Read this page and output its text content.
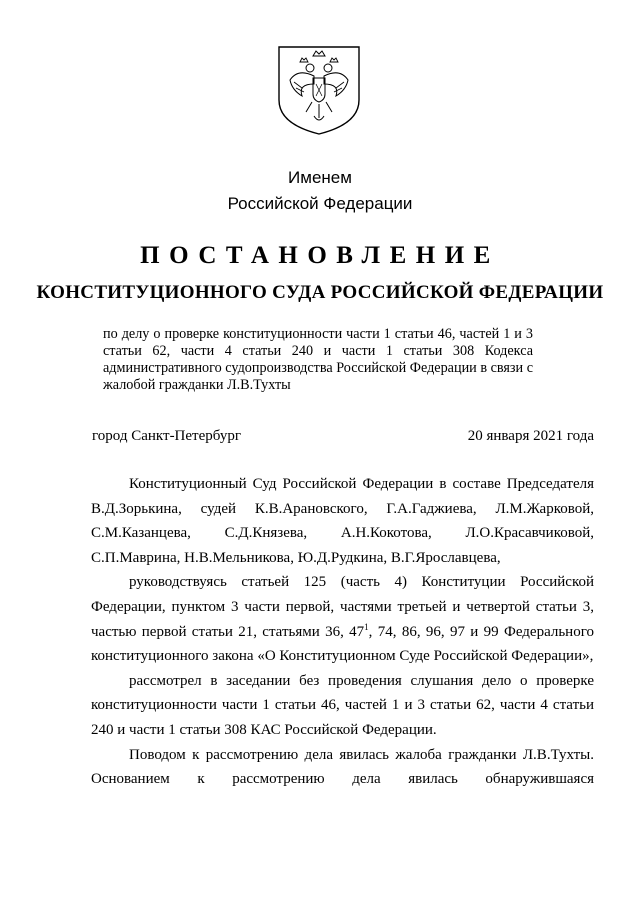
Именем

Российской Федерации

ПОСТАНОВЛЕНИЕ

КОНСТИТУЦИОННОГО СУДА РОССИЙСКОЙ ФЕДЕРАЦИИ

по делу о проверке конституционности части 1 статьи 46, частей 1 и 3 статьи 62, части 4 статьи 240 и части 1 статьи 308 Кодекса административного судопроизводства Российской Федерации в связи с жалобой гражданки Л.В.Тухты

город Санкт-Петербург	20 января 2021 года

Конституционный Суд Российской Федерации в составе Председателя В.Д.Зорькина, судей К.В.Арановского, Г.А.Гаджиева, Л.М.Жарковой, С.М.Казанцева, С.Д.Князева, А.Н.Кокотова, Л.О.Красавчиковой, С.П.Маврина, Н.В.Мельникова, Ю.Д.Рудкина, В.Г.Ярославцева,

руководствуясь статьей 125 (часть 4) Конституции Российской Федерации, пунктом 3 части первой, частями третьей и четвертой статьи 3, частью первой статьи 21, статьями 36, $47^1$, 74, 86, 96, 97 и 99 Федерального конституционного закона «О Конституционном Суде Российской Федерации»,

рассмотрел в заседании без проведения слушания дело о проверке конституционности части 1 статьи 46, частей 1 и 3 статьи 62, части 4 статьи 240 и части 1 статьи 308 КАС Российской Федерации.

Поводом к рассмотрению дела явилась жалоба гражданки Л.В.Тухты. Основанием к рассмотрению дела явилась обнаружившаяся
